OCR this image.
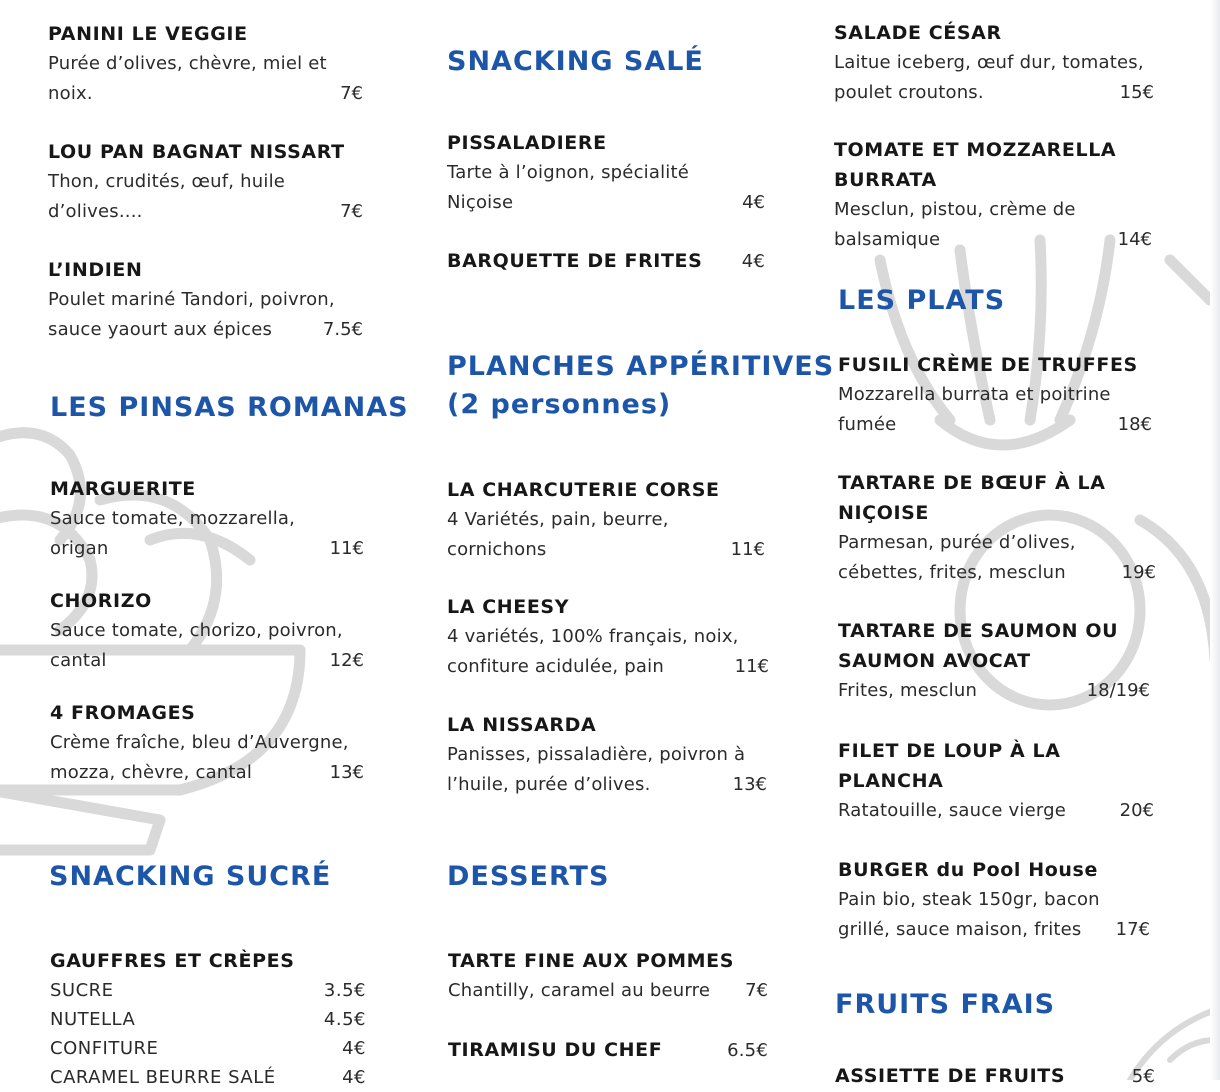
PANINI LE VEGGIE

Purée d’olives, chèvre, miel et

noix.	7€

LOU PAN BAGNAT NISSART

Thon, crudités, œuf, huile

d’olives....	7€

L’INDIEN

Poulet mariné Tandori, poivron,

sauce yaourt aux épices	7.5€

LES PINSAS ROMANAS

MARGUERITE

Sauce tomate, mozzarella,

origan	11€

CHORIZO

Sauce tomate, chorizo, poivron,

cantal	12€

4 FROMAGES

Crème fraîche, bleu d’Auvergne,

mozza, chèvre, cantal	13€

SNACKING SUCRÉ

GAUFFRES ET CRÈPES

SUCRE	3.5€
NUTELLA	4.5€
CONFITURE	4€
CARAMEL BEURRE SALÉ	4€

SNACKING SALÉ

PISSALADIERE

Tarte à l’oignon, spécialité

Niçoise	4€

BARQUETTE DE FRITES 4€

PLANCHES APPÉRITIVES

(2 personnes)

LA CHARCUTERIE CORSE

4 Variétés, pain, beurre,

cornichons	11€

LA CHEESY

4 variétés, 100% français, noix,

confiture acidulée, pain	11€

LA NISSARDA

Panisses, pissaladière, poivron à

l’huile, purée d’olives.	13€

DESSERTS

TARTE FINE AUX POMMES

Chantilly, caramel au beurre	7€

TIRAMISU DU CHEF	6.5€

SALADE CÉSAR

Laitue iceberg, œuf dur, tomates,

poulet croutons.	15€

TOMATE ET MOZZARELLA

BURRATA

Mesclun, pistou, crème de

balsamique	14€

LES PLATS

FUSILI CRÈME DE TRUFFES

Mozzarella burrata et poitrine

fumée	18€

TARTARE DE BŒUF À LA

NIÇOISE

Parmesan, purée d’olives,

cébettes, frites, mesclun	19€

TARTARE DE SAUMON OU

SAUMON AVOCAT

Frites, mesclun	18/19€

FILET DE LOUP À LA

PLANCHA

Ratatouille, sauce vierge	20€

BURGER du Pool House

Pain bio, steak 150gr, bacon

grillé, sauce maison, frites	17€

FRUITS FRAIS

ASSIETTE DE FRUITS	5€
